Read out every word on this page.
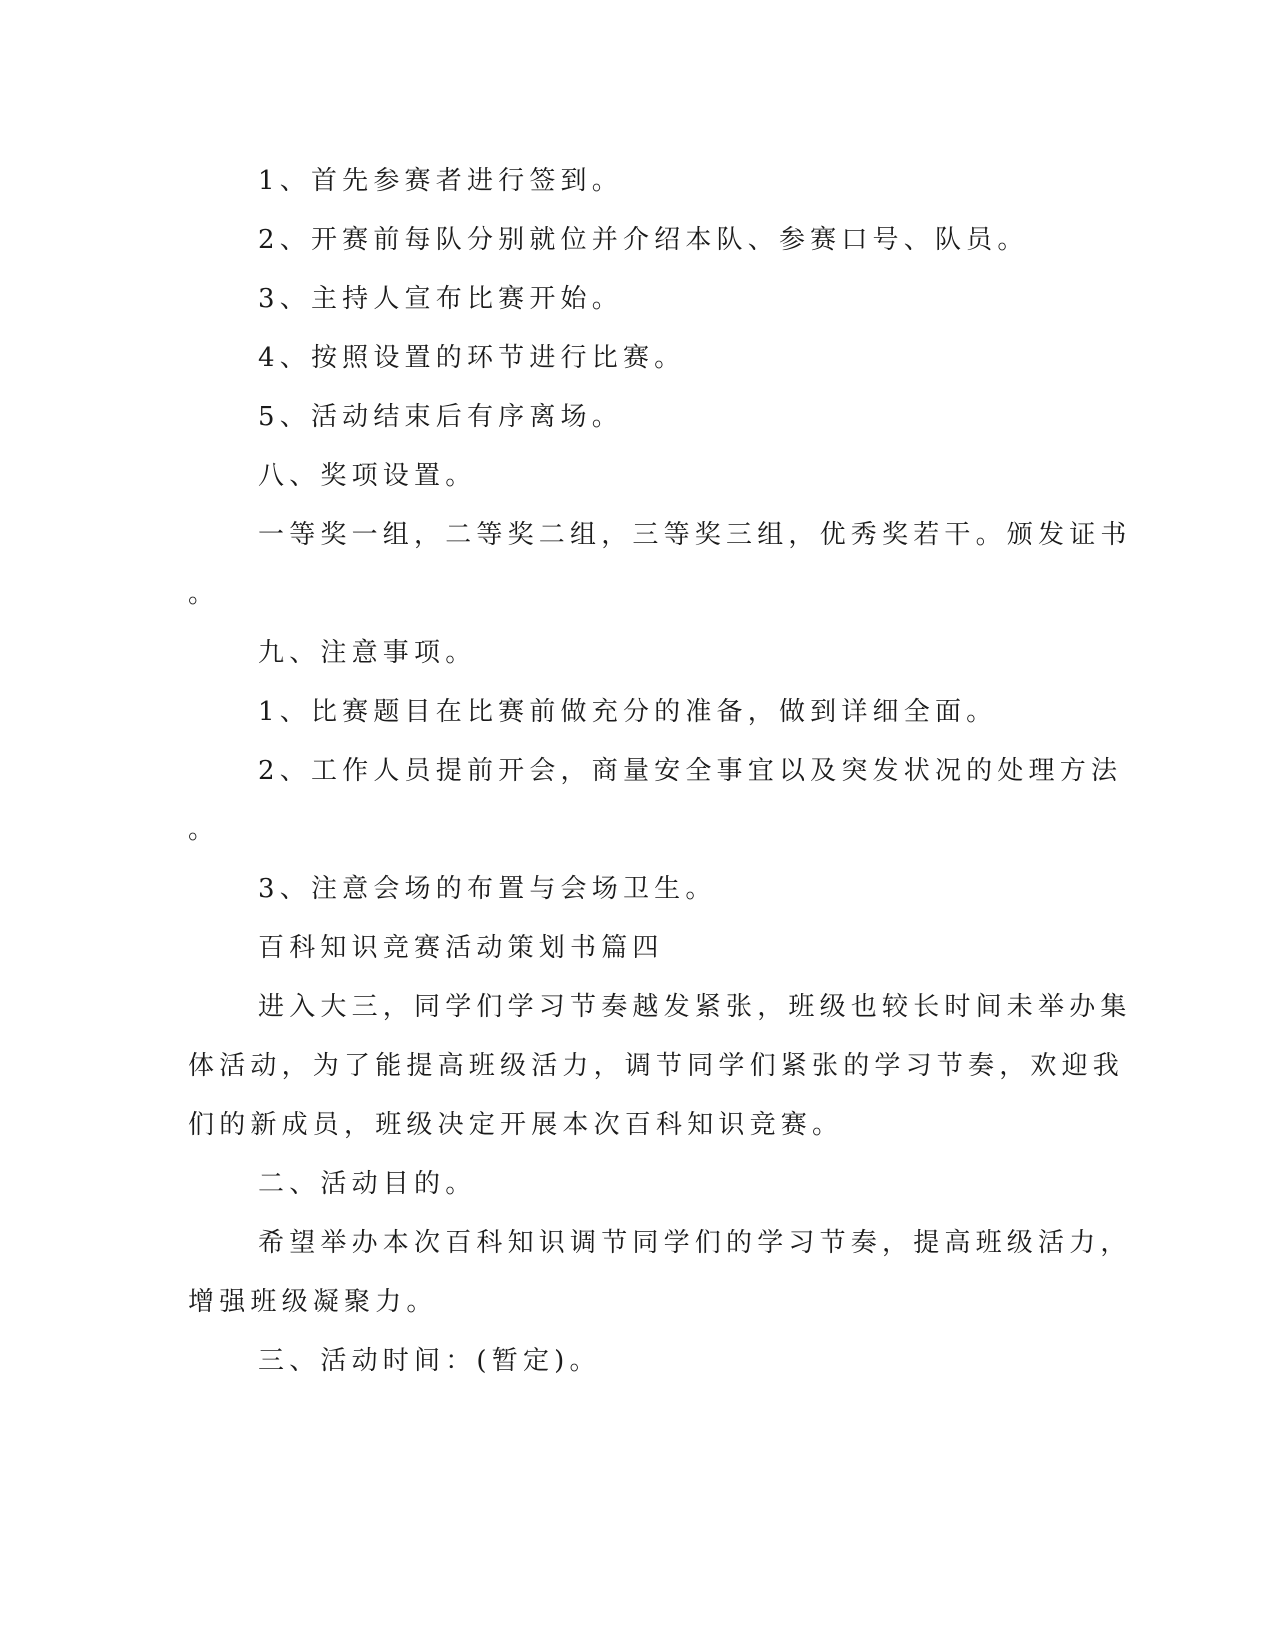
1、首先参赛者进行签到。

2、开赛前每队分别就位并介绍本队、参赛口号、队员。

3、主持人宣布比赛开始。

4、按照设置的环节进行比赛。

5、活动结束后有序离场。

八、奖项设置。

一等奖一组，二等奖二组，三等奖三组，优秀奖若干。颁发证书

。

九、注意事项。

1、比赛题目在比赛前做充分的准备，做到详细全面。

2、工作人员提前开会，商量安全事宜以及突发状况的处理方法

。

3、注意会场的布置与会场卫生。

百科知识竞赛活动策划书篇四

进入大三，同学们学习节奏越发紧张，班级也较长时间未举办集

体活动，为了能提高班级活力，调节同学们紧张的学习节奏，欢迎我

们的新成员，班级决定开展本次百科知识竞赛。

二、活动目的。

希望举办本次百科知识调节同学们的学习节奏，提高班级活力，

增强班级凝聚力。

三、活动时间：(暂定)。
